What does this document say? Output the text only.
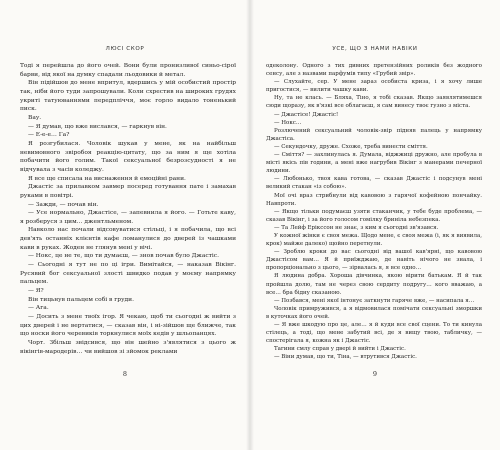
ЛЮСІ СКОР

Тоді я перейшла до його очей. Вони були пронизливої синьо-сірої барви, від якої на думку спадали льодовики й метал.

Він підійшов до мене впритул, вдершись у мій особистий простір так, ніби його туди запрошували. Коли схрестив на широких грудях укриті татуюваннями передпліччя, моє горло видало тоненький писк.

Вау.

— Я думав, що вже вислався, — гаркнув він.

— Е-е-е… Га?

Я розгубилася. Чоловік шукав у мене, як на найбільш невимовного звіробоя реакцію-цитату, що за ним я ще хотіла побачити його голим. Такої сексуальної безрозсудності я не відчувала з часів коледжу.

Я все ще списала на виснаження й емоційні рани.

Джастіс за прилавком завмер посеред готування пате і замахав руками в повітрі.

— Зажди, — почав він.

— Усе нормально, Джастісе, — запевнила я його. — Готьте каву, я розберуся з цим… джентльменом.

Навколо нас почали відсовуватися стільці, і я побачила, що всі дев'ять останніх клієнтів кафе ломанулися до дверей із чашками кави в руках. Жоден не глянув мені у вічі.

— Нокс, це не те, що ти думаєш, — знов почав було Джастіс.

— Сьогодні я тут не по ці ігри. Вимітайся, — наказав Вікінг. Русявий бог сексуальної злості швидко подав у моєму напрямку пальцем.

— Я?

Він тицьнув пальцем собі в груди.

— Ага.

— Досить з мене твоїх ігор. Я чекаю, щоб ти сьогодні ж вийти з цих дверей і не вертатися, — сказав він, і ні-зійшов ще ближче, так що носки його черевиків торкнулися моїх кедів у шльопанцях.

Чорт. Збільш звідсився, що він шейно з'являтися з цього ж вікінгів-мародерів… чи вийшов зі зйомок реклами

8
УСЕ, ЩО З НАМИ НАВІКИ

одеколону. Одного з тих дивних претензійних роликів без жодного сенсу, але з назвами парфумів типу «Грубий звір».

— Слухайте, сер. У мене зараз особиста криза, і я хочу лише пригостися, — вилити чашку кави.

Ну, та не клась. — Бляха, Тіно, я тобі сказав. Якщо заявлятимешся сюди щоразу, як в'язкі все облагаєш, я сам винесу твоє гузно з міста.

— Джастісе! Джастіс!

— Нокс…

Розлючений сексуальний чоловік-звір підняв палець у напрямку Джастіса.

— Секундочку, друже. Схоже, треба винести сміття.

— Сміття? — захлинулась я. Думала, віджжиці дружно, але пробула в місті якісь пів години, а мені вже нагрубив Вікінг з манерами печерної людини.

— Любонько, твоя кава готова, — сказав Джастіс і подсунув мені великий стакан «із собою».

Мої очі враз стрибнули від кавовою з гарячої кофейною пончайку. Навпроти.

— Якщо тільки подумаєш узяти стаканчик, у тебе буде проблема, — сказав Вікінг, і за його голосом гомілку бриніла небезпека.

— Та Лейф Ерікссон не знає, з ким я сьогодні зв'язався.

У кожної жінки є своя межа. Щодо мене, є своя межа (і, як я виявила, крок) майже далеко) щойно перетнули.

— Зроблю кроки до вас сьогодні від вашої кав'ярні, що кавовою Джастісом вам… Я й приїжджаю, де навіть нічого не знала, і пропорціонально з цього, — зірвалась я, я все одно…

Я людина добра. Хороша дівчинка, якою вірити батькам. Я й так пройшла долю, там не через свою сердиту подругу… кого вважаю, а все… бра бідну сказаною.

— Позбався, мені якої інтонує заткнути гаряче вже, — насипала я…

Чоловік примружився, а я відмовилася помічати сексуальні зморшки в куточках його очей.

— Я вже шкодую про це, але… я й куди все свої сцени. То ти кинула стілець, а тоді, що мене забутий всі, де я вищу твою, табличку, — спостерігала я, кожна як і Джастіс.

Тагини смлу справ у двері й вийти і Джастіс.

— Віни думав, що ти, Тіна, — втрутився Джастіс.

9
